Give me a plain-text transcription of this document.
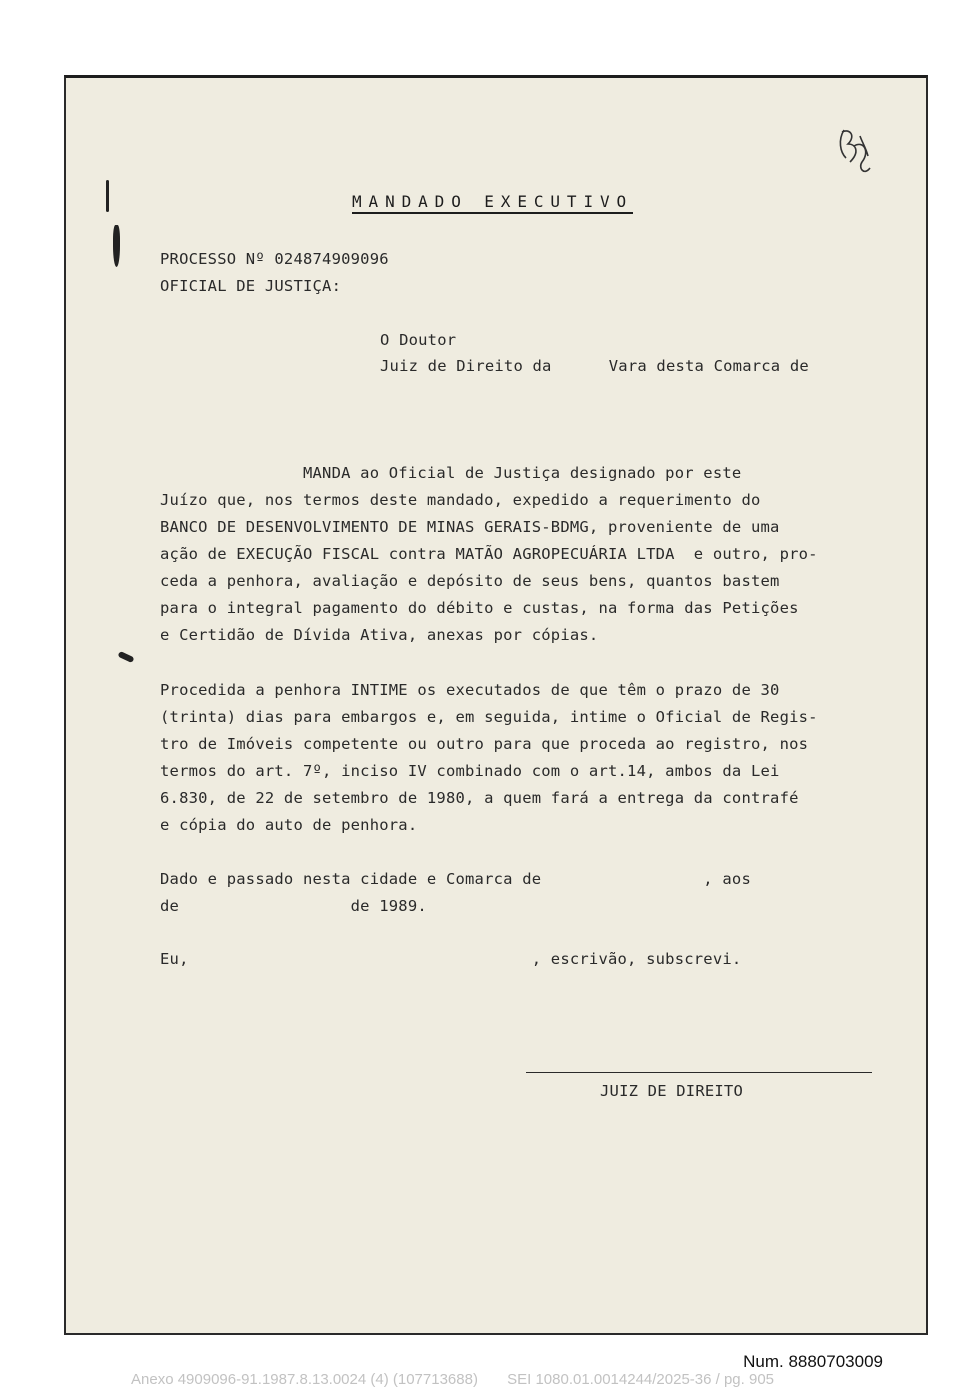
MANDADO EXECUTIVO
PROCESSO Nº 024874909096
OFICIAL DE JUSTIÇA:
O Doutor
Juiz de Direito da      Vara desta Comarca de
MANDA ao Oficial de Justiça designado por este
Juízo que, nos termos deste mandado, expedido a requerimento do
BANCO DE DESENVOLVIMENTO DE MINAS GERAIS-BDMG, proveniente de uma
ação de EXECUÇÃO FISCAL contra MATÃO AGROPECUÁRIA LTDA  e outro, pro-
ceda a penhora, avaliação e depósito de seus bens, quantos bastem
para o integral pagamento do débito e custas, na forma das Petições
e Certidão de Dívida Ativa, anexas por cópias.
Procedida a penhora INTIME os executados de que têm o prazo de 30
(trinta) dias para embargos e, em seguida, intime o Oficial de Regis-
tro de Imóveis competente ou outro para que proceda ao registro, nos
termos do art. 7º, inciso IV combinado com o art.14, ambos da Lei
6.830, de 22 de setembro de 1980, a quem fará a entrega da contrafé
e cópia do auto de penhora.
Dado e passado nesta cidade e Comarca de                 , aos
de                  de 1989.
Eu,                                    , escrivão, subscrevi.
JUIZ DE DIREITO
Num. 8880703009
Anexo 4909096-91.1987.8.13.0024 (4) (107713688)       SEI 1080.01.0014244/2025-36 / pg. 905
